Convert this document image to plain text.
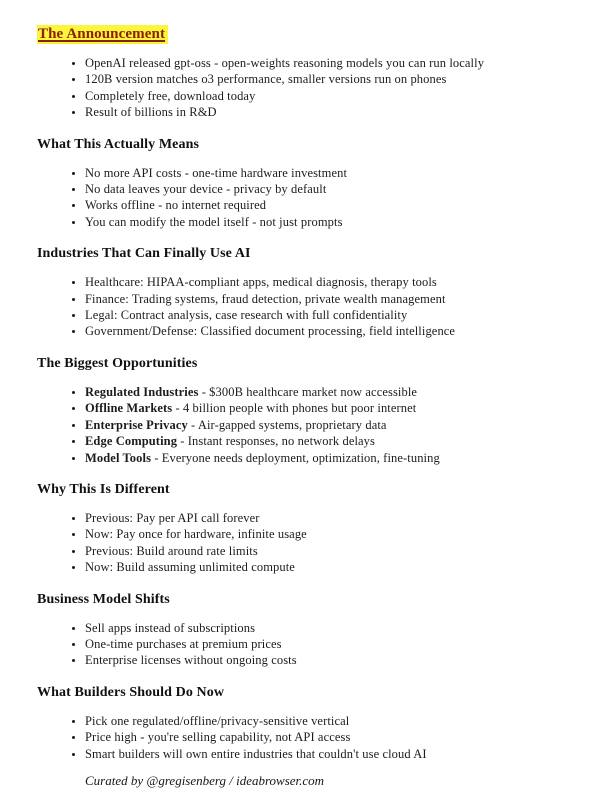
The Announcement
• OpenAI released gpt-oss - open-weights reasoning models you can run locally
• 120B version matches o3 performance, smaller versions run on phones
• Completely free, download today
• Result of billions in R&D
What This Actually Means
• No more API costs - one-time hardware investment
• No data leaves your device - privacy by default
• Works offline - no internet required
• You can modify the model itself - not just prompts
Industries That Can Finally Use AI
• Healthcare: HIPAA-compliant apps, medical diagnosis, therapy tools
• Finance: Trading systems, fraud detection, private wealth management
• Legal: Contract analysis, case research with full confidentiality
• Government/Defense: Classified document processing, field intelligence
The Biggest Opportunities
• Regulated Industries - $300B healthcare market now accessible
• Offline Markets - 4 billion people with phones but poor internet
• Enterprise Privacy - Air-gapped systems, proprietary data
• Edge Computing - Instant responses, no network delays
• Model Tools - Everyone needs deployment, optimization, fine-tuning
Why This Is Different
• Previous: Pay per API call forever
• Now: Pay once for hardware, infinite usage
• Previous: Build around rate limits
• Now: Build assuming unlimited compute
Business Model Shifts
• Sell apps instead of subscriptions
• One-time purchases at premium prices
• Enterprise licenses without ongoing costs
What Builders Should Do Now
• Pick one regulated/offline/privacy-sensitive vertical
• Price high - you're selling capability, not API access
• Smart builders will own entire industries that couldn't use cloud AI
Curated by @gregisenberg / ideabrowser.com
